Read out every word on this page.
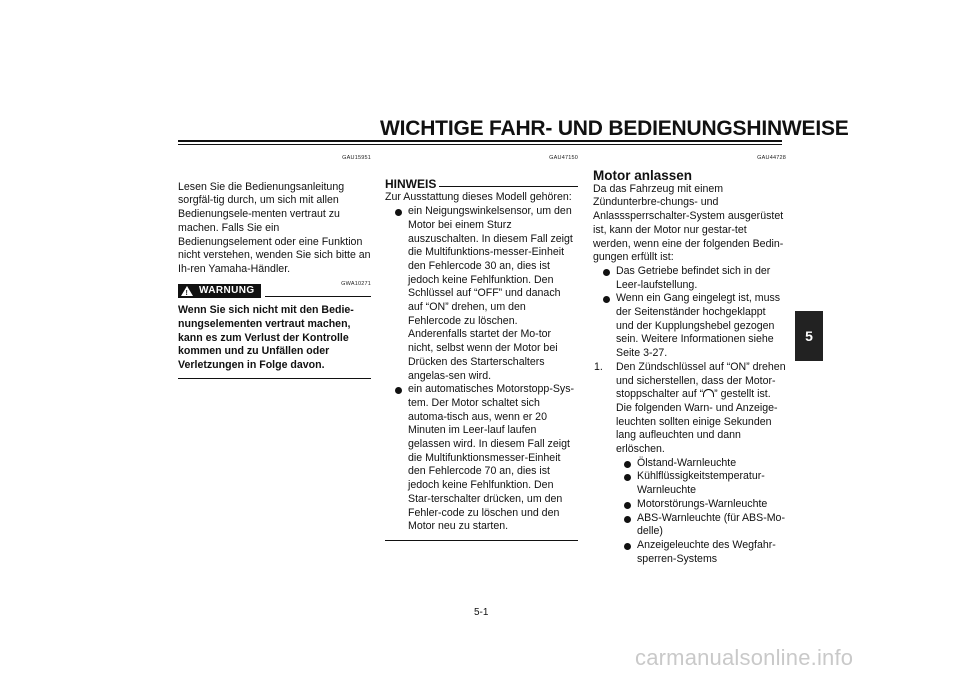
WICHTIGE FAHR- UND BEDIENUNGSHINWEISE
5
GAU15951

Lesen Sie die Bedienungsanleitung sorgfäl-tig durch, um sich mit allen Bedienungsele-menten vertraut zu machen. Falls Sie ein Bedienungselement oder eine Funktion nicht verstehen, wenden Sie sich bitte an Ih-ren Yamaha-Händler.

! WARNUNG
GWA10271

Wenn Sie sich nicht mit den Bedie-nungselementen vertraut machen, kann es zum Verlust der Kontrolle kommen und zu Unfällen oder Verletzungen in Folge davon.

GAU47150
HINWEIS

Zur Ausstattung dieses Modell gehören:

ein Neigungswinkelsensor, um den Motor bei einem Sturz auszuschalten. In diesem Fall zeigt die Multifunktions-messer-Einheit den Fehlercode 30 an, dies ist jedoch keine Fehlfunktion. Den Schlüssel auf “OFF” und danach auf “ON” drehen, um den Fehlercode zu löschen. Anderenfalls startet der Mo-tor nicht, selbst wenn der Motor bei Drücken des Starterschalters angelas-sen wird.
ein automatisches Motorstopp-Sys-tem. Der Motor schaltet sich automa-tisch aus, wenn er 20 Minuten im Leer-lauf laufen gelassen wird. In diesem Fall zeigt die Multifunktionsmesser-Einheit den Fehlercode 70 an, dies ist jedoch keine Fehlfunktion. Den Star-terschalter drücken, um den Fehler-code zu löschen und den Motor neu zu starten.
GAU44728
Motor anlassen

Da das Fahrzeug mit einem Zündunterbre-chungs- und Anlasssperrschalter-System ausgerüstet ist, kann der Motor nur gestar-tet werden, wenn eine der folgenden Bedin-gungen erfüllt ist:

Das Getriebe befindet sich in der Leer-laufstellung.
Wenn ein Gang eingelegt ist, muss der Seitenständer hochgeklappt und der Kupplungshebel gezogen sein. Weitere Informationen siehe Seite 3-27.
1. Den Zündschlüssel auf “ON” drehen und sicherstellen, dass der Motor-stoppschalter auf “ ” gestellt ist. Die folgenden Warn- und Anzeige-leuchten sollten einige Sekunden lang aufleuchten und dann erlöschen.
Ölstand-Warnleuchte
Kühlflüssigkeitstemperatur-Warnleuchte
Motorstörungs-Warnleuchte
ABS-Warnleuchte (für ABS-Mo-delle)
Anzeigeleuchte des Wegfahr-sperren-Systems
5-1
carmanualsonline.info
